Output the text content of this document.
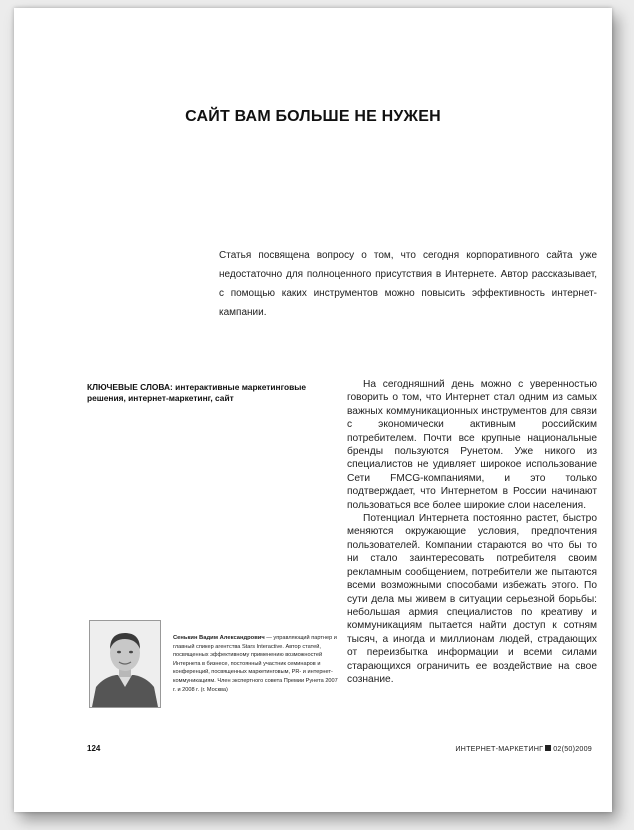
САЙТ ВАМ БОЛЬШЕ НЕ НУЖЕН
Статья посвящена вопросу о том, что сегодня корпоративного сайта уже недостаточно для полноценного присутствия в Интернете. Автор рассказывает, с помощью каких инструментов можно повысить эффективность интернет-кампании.
КЛЮЧЕВЫЕ СЛОВА: интерактивные маркетинговые решения, интернет-маркетинг, сайт

На сегодняшний день можно с уверенностью говорить о том, что Интернет стал одним из самых важных коммуникационных инструментов для связи с экономически активным российским потребителем. Почти все крупные национальные бренды пользуются Рунетом. Уже никого из специалистов не удивляет широкое использование Сети FMCG-компаниями, и это только подтверждает, что Интернетом в России начинают пользоваться все более широкие слои населения.

Потенциал Интернета постоянно растет, быстро меняются окружающие условия, предпочтения пользователей. Компании стараются во что бы то ни стало заинтересовать потребителя своим рекламным сообщением, потребители же пытаются всеми возможными способами избежать этого. По сути дела мы живем в ситуации серьезной борьбы: небольшая армия специалистов по креативу и коммуникациям пытается найти доступ к сотням тысяч, а иногда и миллионам людей, страдающих от переизбытка информации и всеми силами старающихся ограничить ее воздействие на свое сознание.

Сенькин Вадим Александрович — управляющий партнер и главный спикер агентства Stars Interactive. Автор статей, посвященных эффективному применению возможностей Интернета в бизнесе, постоянный участник семинаров и конференций, посвященных маркетинговым, PR- и интернет-коммуникациям. Член экспертного совета Премии Рунета 2007 г. и 2008 г. (г. Москва)
124	ИНТЕРНЕТ-МАРКЕТИНГ 02(50)2009
